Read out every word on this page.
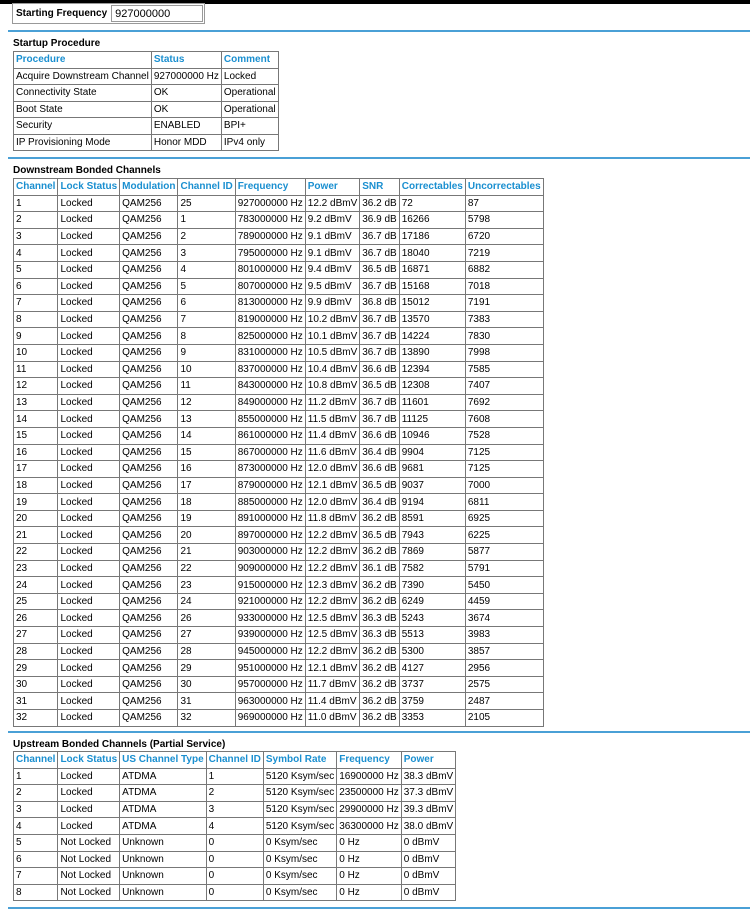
Starting Frequency 927000000
Startup Procedure
Procedure	Status	Comment
Acquire Downstream Channel	927000000 Hz	Locked
Connectivity State	OK	Operational
Boot State	OK	Operational
Security	ENABLED	BPI+
IP Provisioning Mode	Honor MDD	IPv4 only
Downstream Bonded Channels
Channel	Lock Status	Modulation	Channel ID	Frequency	Power	SNR	Correctables	Uncorrectables
1	Locked	QAM256	25	927000000 Hz	12.2 dBmV	36.2 dB	72	87
2	Locked	QAM256	1	783000000 Hz	9.2 dBmV	36.9 dB	16266	5798
3	Locked	QAM256	2	789000000 Hz	9.1 dBmV	36.7 dB	17186	6720
4	Locked	QAM256	3	795000000 Hz	9.1 dBmV	36.7 dB	18040	7219
5	Locked	QAM256	4	801000000 Hz	9.4 dBmV	36.5 dB	16871	6882
6	Locked	QAM256	5	807000000 Hz	9.5 dBmV	36.7 dB	15168	7018
7	Locked	QAM256	6	813000000 Hz	9.9 dBmV	36.8 dB	15012	7191
8	Locked	QAM256	7	819000000 Hz	10.2 dBmV	36.7 dB	13570	7383
9	Locked	QAM256	8	825000000 Hz	10.1 dBmV	36.7 dB	14224	7830
10	Locked	QAM256	9	831000000 Hz	10.5 dBmV	36.7 dB	13890	7998
11	Locked	QAM256	10	837000000 Hz	10.4 dBmV	36.6 dB	12394	7585
12	Locked	QAM256	11	843000000 Hz	10.8 dBmV	36.5 dB	12308	7407
13	Locked	QAM256	12	849000000 Hz	11.2 dBmV	36.7 dB	11601	7692
14	Locked	QAM256	13	855000000 Hz	11.5 dBmV	36.7 dB	11125	7608
15	Locked	QAM256	14	861000000 Hz	11.4 dBmV	36.6 dB	10946	7528
16	Locked	QAM256	15	867000000 Hz	11.6 dBmV	36.4 dB	9904	7125
17	Locked	QAM256	16	873000000 Hz	12.0 dBmV	36.6 dB	9681	7125
18	Locked	QAM256	17	879000000 Hz	12.1 dBmV	36.5 dB	9037	7000
19	Locked	QAM256	18	885000000 Hz	12.0 dBmV	36.4 dB	9194	6811
20	Locked	QAM256	19	891000000 Hz	11.8 dBmV	36.2 dB	8591	6925
21	Locked	QAM256	20	897000000 Hz	12.2 dBmV	36.5 dB	7943	6225
22	Locked	QAM256	21	903000000 Hz	12.2 dBmV	36.2 dB	7869	5877
23	Locked	QAM256	22	909000000 Hz	12.2 dBmV	36.1 dB	7582	5791
24	Locked	QAM256	23	915000000 Hz	12.3 dBmV	36.2 dB	7390	5450
25	Locked	QAM256	24	921000000 Hz	12.2 dBmV	36.2 dB	6249	4459
26	Locked	QAM256	26	933000000 Hz	12.5 dBmV	36.3 dB	5243	3674
27	Locked	QAM256	27	939000000 Hz	12.5 dBmV	36.3 dB	5513	3983
28	Locked	QAM256	28	945000000 Hz	12.2 dBmV	36.2 dB	5300	3857
29	Locked	QAM256	29	951000000 Hz	12.1 dBmV	36.2 dB	4127	2956
30	Locked	QAM256	30	957000000 Hz	11.7 dBmV	36.2 dB	3737	2575
31	Locked	QAM256	31	963000000 Hz	11.4 dBmV	36.2 dB	3759	2487
32	Locked	QAM256	32	969000000 Hz	11.0 dBmV	36.2 dB	3353	2105
Upstream Bonded Channels (Partial Service)
Channel	Lock Status	US Channel Type	Channel ID	Symbol Rate	Frequency	Power
1	Locked	ATDMA	1	5120 Ksym/sec	16900000 Hz	38.3 dBmV
2	Locked	ATDMA	2	5120 Ksym/sec	23500000 Hz	37.3 dBmV
3	Locked	ATDMA	3	5120 Ksym/sec	29900000 Hz	39.3 dBmV
4	Locked	ATDMA	4	5120 Ksym/sec	36300000 Hz	38.0 dBmV
5	Not Locked	Unknown	0	0 Ksym/sec	0 Hz	0 dBmV
6	Not Locked	Unknown	0	0 Ksym/sec	0 Hz	0 dBmV
7	Not Locked	Unknown	0	0 Ksym/sec	0 Hz	0 dBmV
8	Not Locked	Unknown	0	0 Ksym/sec	0 Hz	0 dBmV
